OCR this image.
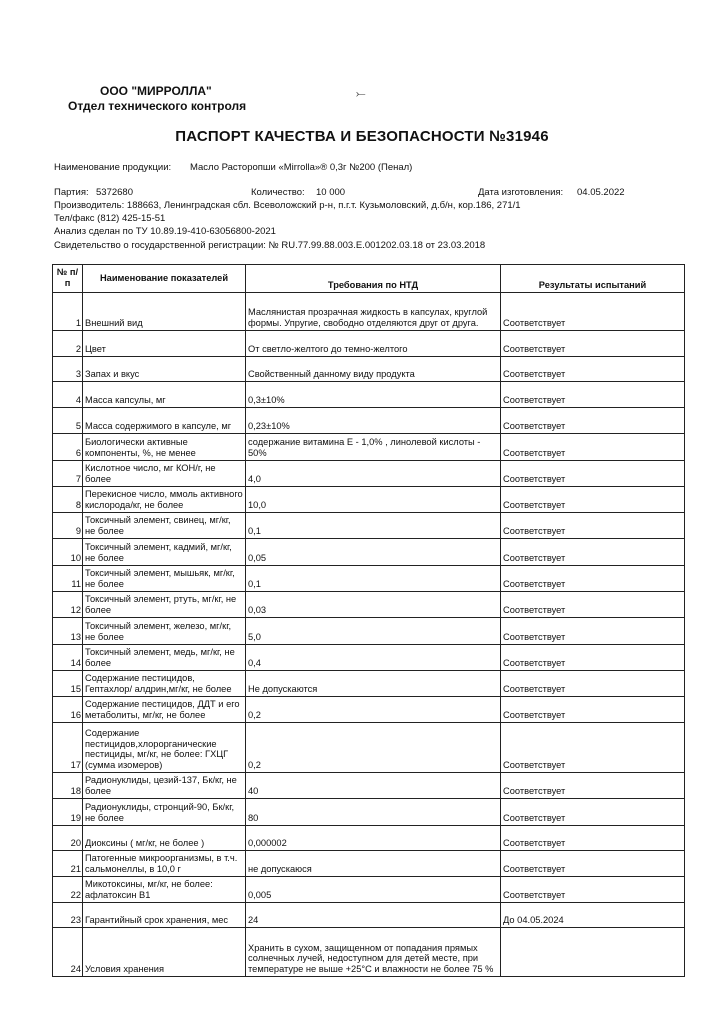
ООО "МИРРОЛЛА"
Отдел технического контроля
⤚
ПАСПОРТ КАЧЕСТВА И БЕЗОПАСНОСТИ №31946
Наименование продукции: Масло Расторопши «Mirrolla»® 0,3г №200 (Пенал)
Партия: 5372680	Количество: 10 000	Дата изготовления: 04.05.2022
Производитель: 188663, Ленинградская сбл. Всеволожский р-н, п.г.т. Кузьмоловский, д.б/н, кор.186, 271/1
Тел/факс (812) 425-15-51
Анализ сделан по ТУ 10.89.19-410-63056800-2021
Свидетельство о государственной регистрации: № RU.77.99.88.003.Е.001202.03.18 от 23.03.2018
№ п/п	Наименование показателей	Требования по НТД	Результаты испытаний
1	Внешний вид	Маслянистая прозрачная жидкость в капсулах, круглой формы. Упругие, свободно отделяются друг от друга.	Соответствует
2	Цвет	От светло-желтого до темно-желтого	Соответствует
3	Запах и вкус	Свойственный данному виду продукта	Соответствует
4	Масса капсулы, мг	0,3±10%	Соответствует
5	Масса содержимого в капсуле, мг	0,23±10%	Соответствует
6	Биологически активные компоненты, %, не менее	содержание витамина Е - 1,0% , линолевой кислоты - 50%	Соответствует
7	Кислотное число, мг КОН/г, не более	4,0	Соответствует
8	Перекисное число, ммоль активного кислорода/кг, не более	10,0	Соответствует
9	Токсичный элемент, свинец, мг/кг, не более	0,1	Соответствует
10	Токсичный элемент, кадмий, мг/кг, не более	0,05	Соответствует
11	Токсичный элемент, мышьяк, мг/кг, не более	0,1	Соответствует
12	Токсичный элемент, ртуть, мг/кг, не более	0,03	Соответствует
13	Токсичный элемент, железо, мг/кг, не более	5,0	Соответствует
14	Токсичный элемент, медь, мг/кг, не более	0,4	Соответствует
15	Содержание пестицидов, Гептахлор/ алдрин,мг/кг, не более	Не допускаются	Соответствует
16	Содержание пестицидов, ДДТ и его метаболиты, мг/кг, не более	0,2	Соответствует
17	Содержание пестицидов,хлорорганические пестициды, мг/кг, не более: ГХЦГ (сумма изомеров)	0,2	Соответствует
18	Радионуклиды, цезий-137, Бк/кг, не более	40	Соответствует
19	Радионуклиды, стронций-90, Бк/кг, не более	80	Соответствует
20	Диоксины ( мг/кг, не более )	0,000002	Соответствует
21	Патогенные микроорганизмы, в т.ч. сальмонеллы, в 10,0 г	не допускаюся	Соответствует
22	Микотоксины, мг/кг, не более: афлатоксин В1	0,005	Соответствует
23	Гарантийный срок хранения, мес	24	До 04.05.2024
24	Условия хранения	Хранить в сухом, защищенном от попадания прямых солнечных лучей, недоступном для детей месте, при температуре не выше +25°С и влажности не более 75 %	
